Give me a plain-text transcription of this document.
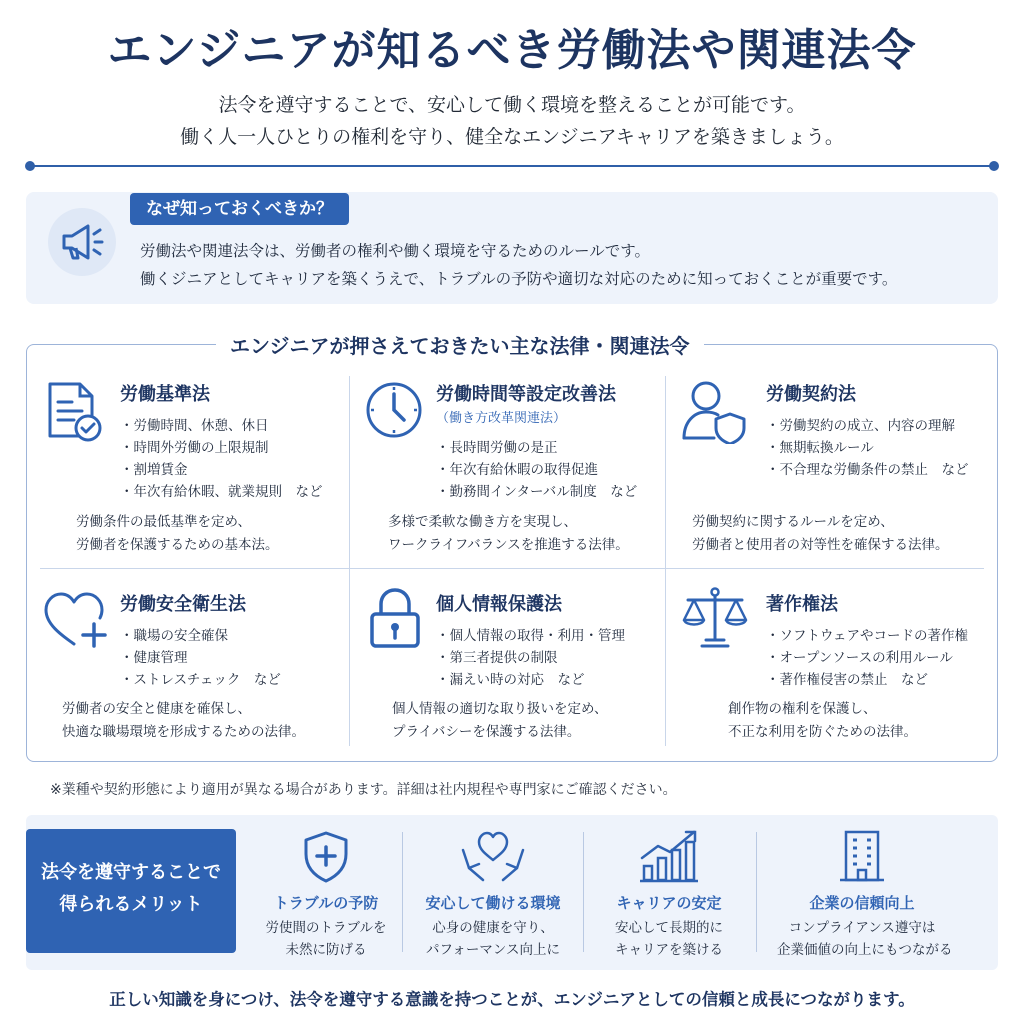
エンジニアが知るべき労働法や関連法令
法令を遵守することで、安心して働く環境を整えることが可能です。
働く人一人ひとりの権利を守り、健全なエンジニアキャリアを築きましょう。
なぜ知っておくべきか？
労働法や関連法令は、労働者の権利や働く環境を守るためのルールです。
働くジニアとしてキャリアを築くうえで、トラブルの予防や適切な対応のために知っておくことが重要です。
エンジニアが押さえておきたい主な法律・関連法令
労働基準法
・労働時間、休憩、休日
・時間外労働の上限規制
・割増賃金
・年次有給休暇、就業規則　など
労働条件の最低基準を定め、
労働者を保護するための基本法。
労働時間等設定改善法
（働き方改革関連法）
・長時間労働の是正
・年次有給休暇の取得促進
・勤務間インターバル制度　など
多様で柔軟な働き方を実現し、
ワークライフバランスを推進する法律。
労働契約法
・労働契約の成立、内容の理解
・無期転換ルール
・不合理な労働条件の禁止　など
労働契約に関するルールを定め、
労働者と使用者の対等性を確保する法律。
労働安全衛生法
・職場の安全確保
・健康管理
・ストレスチェック　など
労働者の安全と健康を確保し、
快適な職場環境を形成するための法律。
個人情報保護法
・個人情報の取得・利用・管理
・第三者提供の制限
・漏えい時の対応　など
個人情報の適切な取り扱いを定め、
プライバシーを保護する法律。
著作権法
・ソフトウェアやコードの著作権
・オープンソースの利用ルール
・著作権侵害の禁止　など
創作物の権利を保護し、
不正な利用を防ぐための法律。
※業種や契約形態により適用が異なる場合があります。詳細は社内規程や専門家にご確認ください。
法令を遵守することで
得られるメリット	トラブルの予防
労使間のトラブルを
未然に防げる
安心して働ける環境
心身の健康を守り、
パフォーマンス向上に
キャリアの安定
安心して長期的に
キャリアを築ける
企業の信頼向上
コンプライアンス遵守は
企業価値の向上にもつながる
正しい知識を身につけ、法令を遵守する意識を持つことが、エンジニアとしての信頼と成長につながります。
